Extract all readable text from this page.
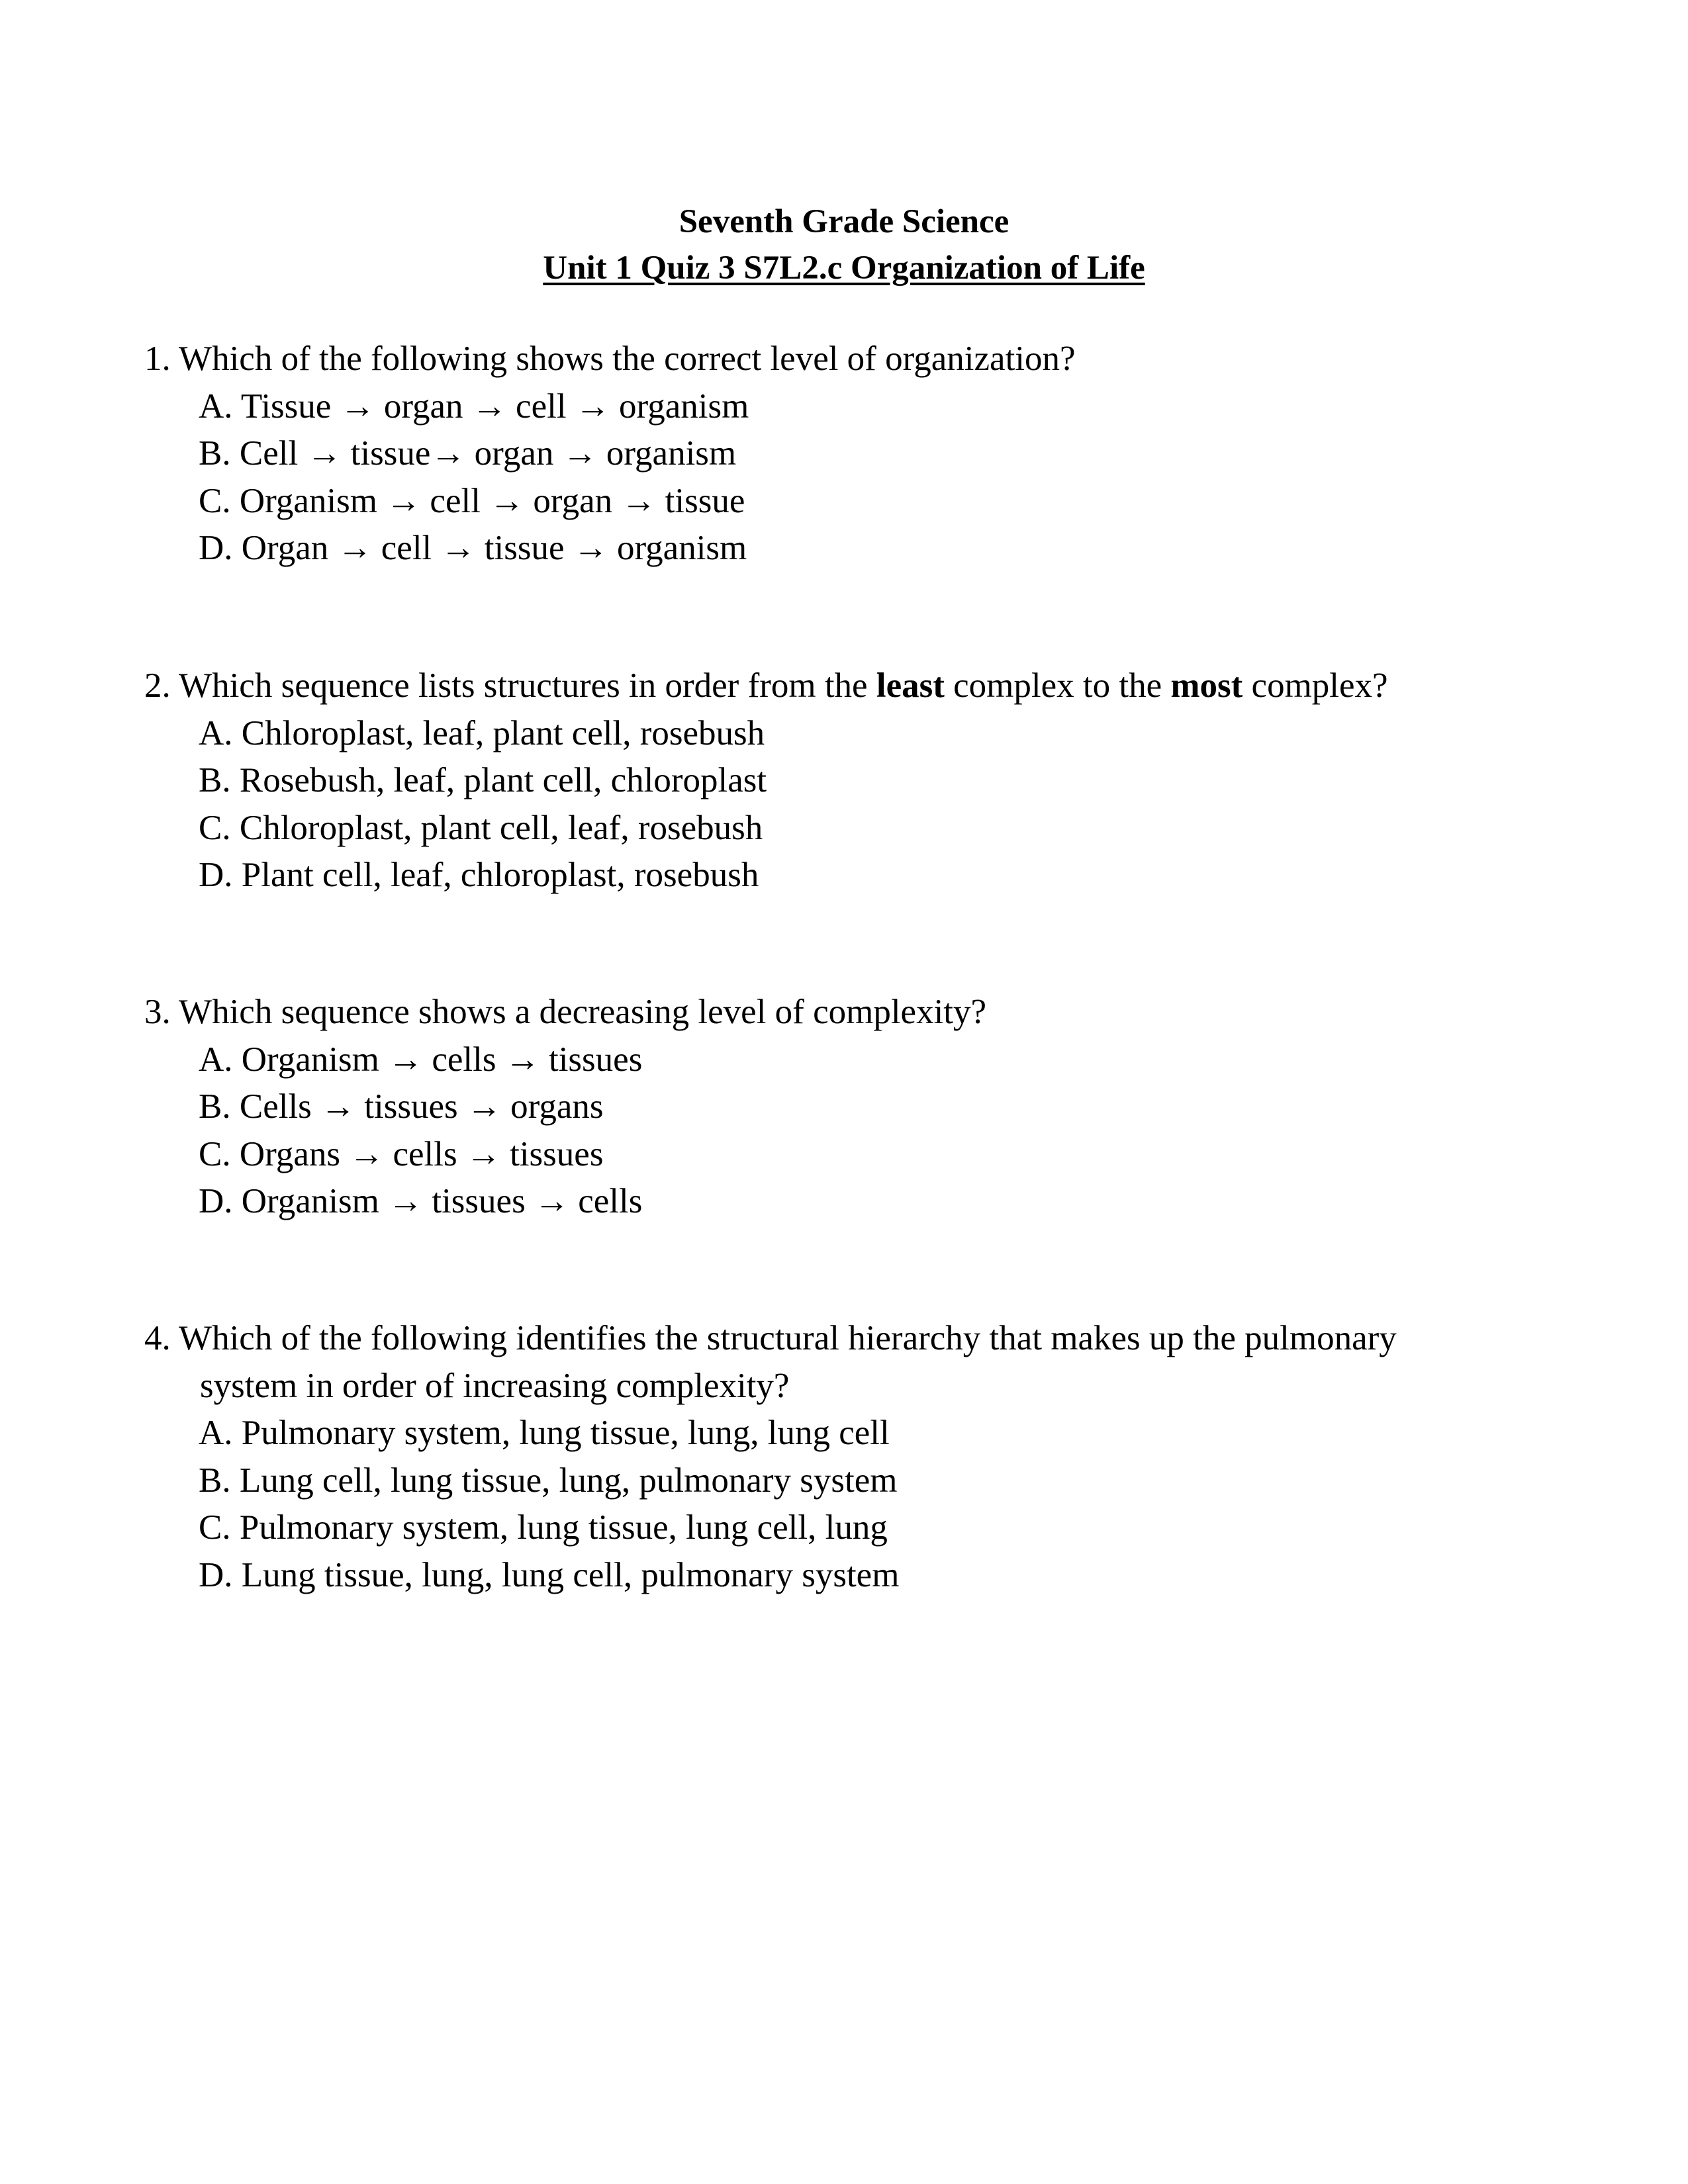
Seventh Grade Science
Unit 1 Quiz 3 S7L2.c Organization of Life
1. Which of the following shows the correct level of organization?
A. Tissue → organ → cell → organism
B. Cell → tissue→ organ → organism
C. Organism → cell → organ → tissue
D. Organ → cell → tissue → organism
2. Which sequence lists structures in order from the least complex to the most complex?
A. Chloroplast, leaf, plant cell, rosebush
B. Rosebush, leaf, plant cell, chloroplast
C. Chloroplast, plant cell, leaf, rosebush
D. Plant cell, leaf, chloroplast, rosebush
3. Which sequence shows a decreasing level of complexity?
A. Organism → cells → tissues
B. Cells → tissues → organs
C. Organs → cells → tissues
D. Organism → tissues → cells
4. Which of the following identifies the structural hierarchy that makes up the pulmonary
system in order of increasing complexity?
A. Pulmonary system, lung tissue, lung, lung cell
B. Lung cell, lung tissue, lung, pulmonary system
C. Pulmonary system, lung tissue, lung cell, lung
D. Lung tissue, lung, lung cell, pulmonary system
